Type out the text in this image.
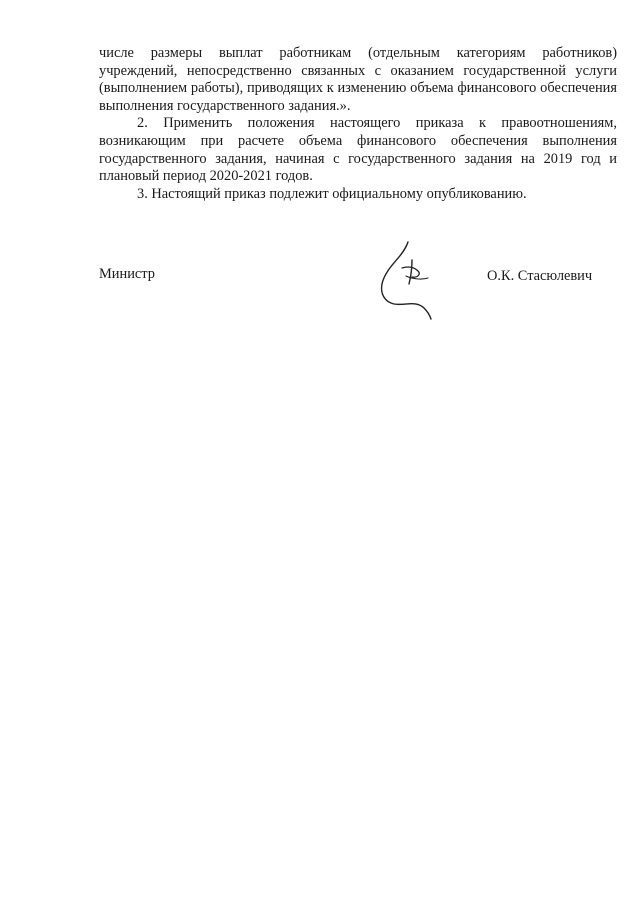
числе размеры выплат работникам (отдельным категориям работников) учреждений, непосредственно связанных с оказанием государственной услуги (выполнением работы), приводящих к изменению объема финансового обеспечения выполнения государственного задания.».

2. Применить положения настоящего приказа к правоотношениям, возникающим при расчете объема финансового обеспечения выполнения государственного задания, начиная с государственного задания на 2019 год и плановый период 2020-2021 годов.

3. Настоящий приказ подлежит официальному опубликованию.

Министр	О.К. Стасюлевич
